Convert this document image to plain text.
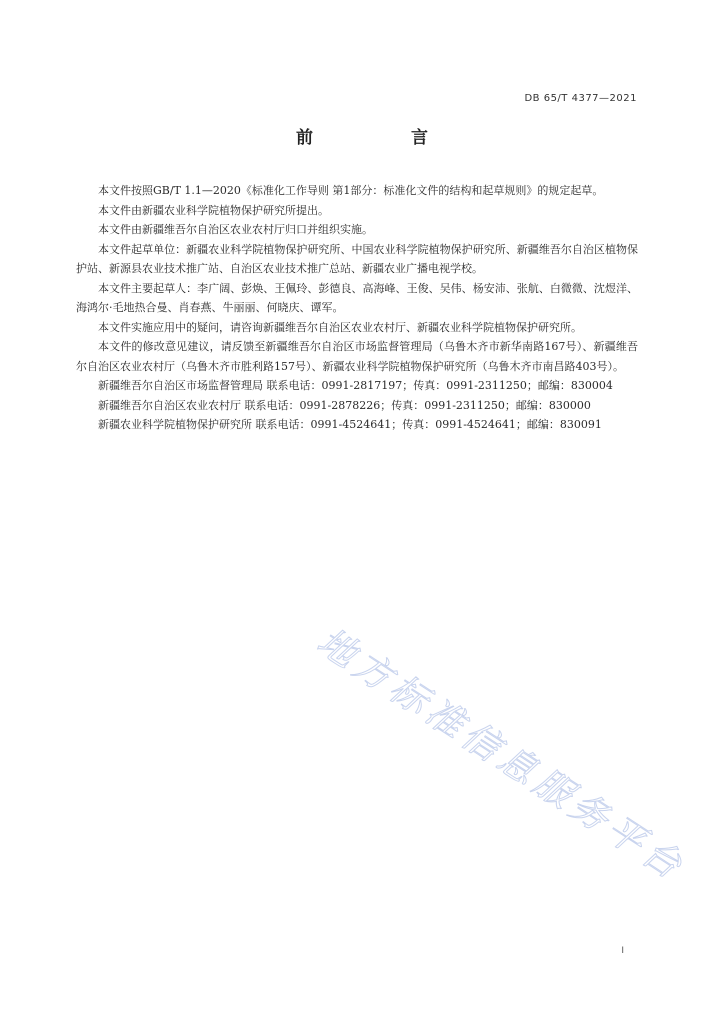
DB 65/T 4377—2021
前 言

本文件按照GB/T 1.1—2020《标准化工作导则 第1部分：标准化文件的结构和起草规则》的规定起草。

本文件由新疆农业科学院植物保护研究所提出。

本文件由新疆维吾尔自治区农业农村厅归口并组织实施。

本文件起草单位：新疆农业科学院植物保护研究所、中国农业科学院植物保护研究所、新疆维吾尔自治区植物保护站、新源县农业技术推广站、自治区农业技术推广总站、新疆农业广播电视学校。

本文件主要起草人：李广阔、彭焕、王佩玲、彭德良、高海峰、王俊、吴伟、杨安沛、张航、白微微、沈煜洋、海鸿尔·毛地热合曼、肖春燕、牛丽丽、何晓庆、谭军。

本文件实施应用中的疑问，请咨询新疆维吾尔自治区农业农村厅、新疆农业科学院植物保护研究所。

本文件的修改意见建议，请反馈至新疆维吾尔自治区市场监督管理局（乌鲁木齐市新华南路167号）、新疆维吾尔自治区农业农村厅（乌鲁木齐市胜利路157号）、新疆农业科学院植物保护研究所（乌鲁木齐市南昌路403号）。

新疆维吾尔自治区市场监督管理局 联系电话：0991-2817197；传真：0991-2311250；邮编：830004

新疆维吾尔自治区农业农村厅 联系电话：0991-2878226；传真：0991-2311250；邮编：830000

新疆农业科学院植物保护研究所 联系电话：0991-4524641；传真：0991-4524641；邮编：830091

地方标准信息服务平台
I
